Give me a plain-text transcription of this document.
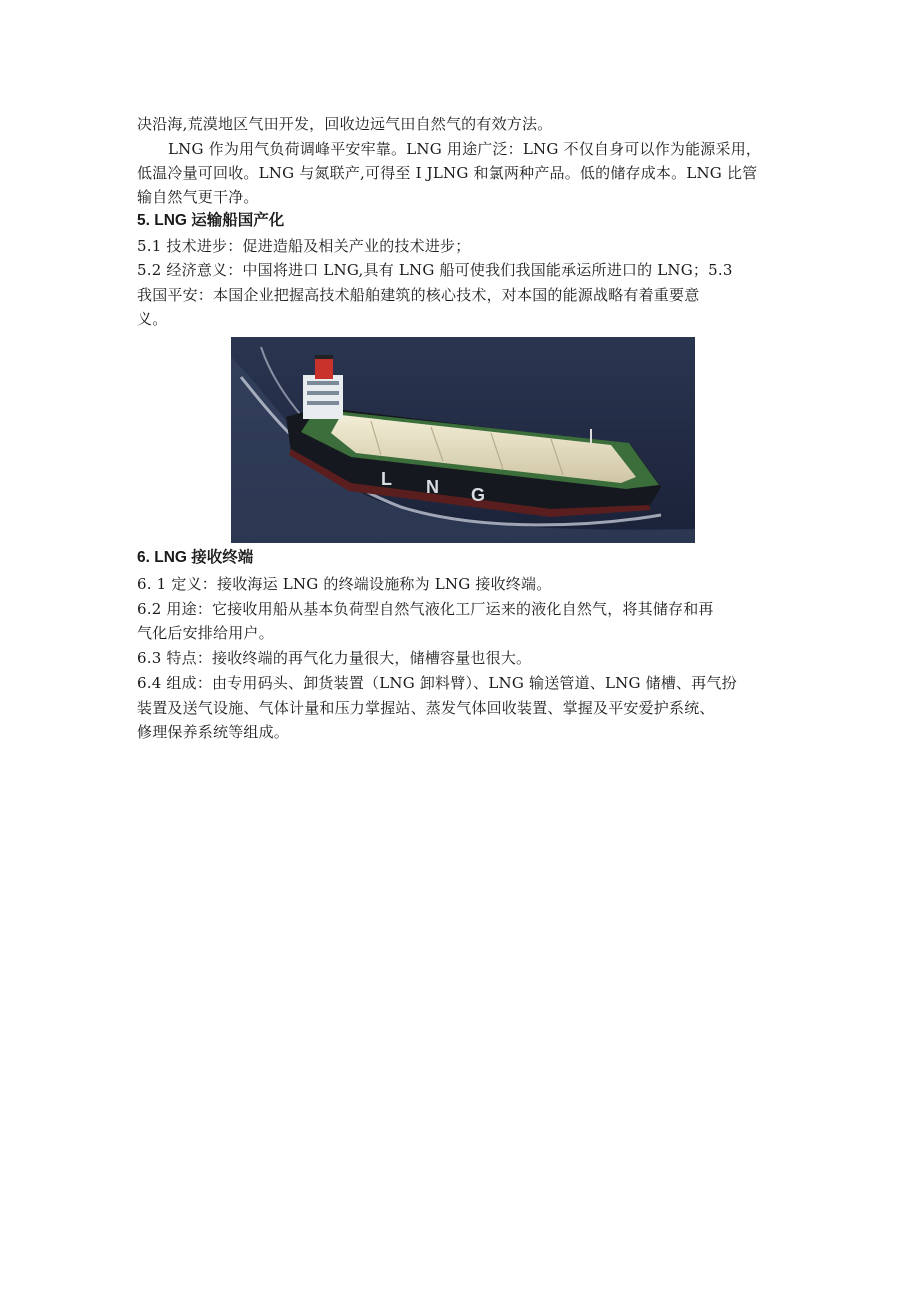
决沿海,荒漠地区气田开发，回收边远气田自然气的有效方法。
LNG 作为用气负荷调峰平安牢靠。LNG 用途广泛：LNG 不仅自身可以作为能源采用，
低温冷量可回收。LNG 与氮联产,可得至 I JLNG 和氯两种产品。低的储存成本。LNG 比管
输自然气更干净。
5. LNG 运输船国产化
5.1 技术进步：促进造船及相关产业的技术进步；
5.2 经济意义：中国将进口 LNG,具有 LNG 船可使我们我国能承运所进口的 LNG；5.3
我国平安：本国企业把握高技术船舶建筑的核心技术，对本国的能源战略有着重要意
义。
L N G
6. LNG 接收终端
6. 1 定义：接收海运 LNG 的终端设施称为 LNG 接收终端。
6.2 用途：它接收用船从基本负荷型自然气液化工厂运来的液化自然气，将其储存和再
气化后安排给用户。
6.3 特点：接收终端的再气化力量很大，储槽容量也很大。
6.4 组成：由专用码头、卸货装置（LNG 卸料臂）、LNG 输送管道、LNG 储槽、再气扮
装置及送气设施、气体计量和压力掌握站、蒸发气体回收装置、掌握及平安爱护系统、
修理保养系统等组成。
